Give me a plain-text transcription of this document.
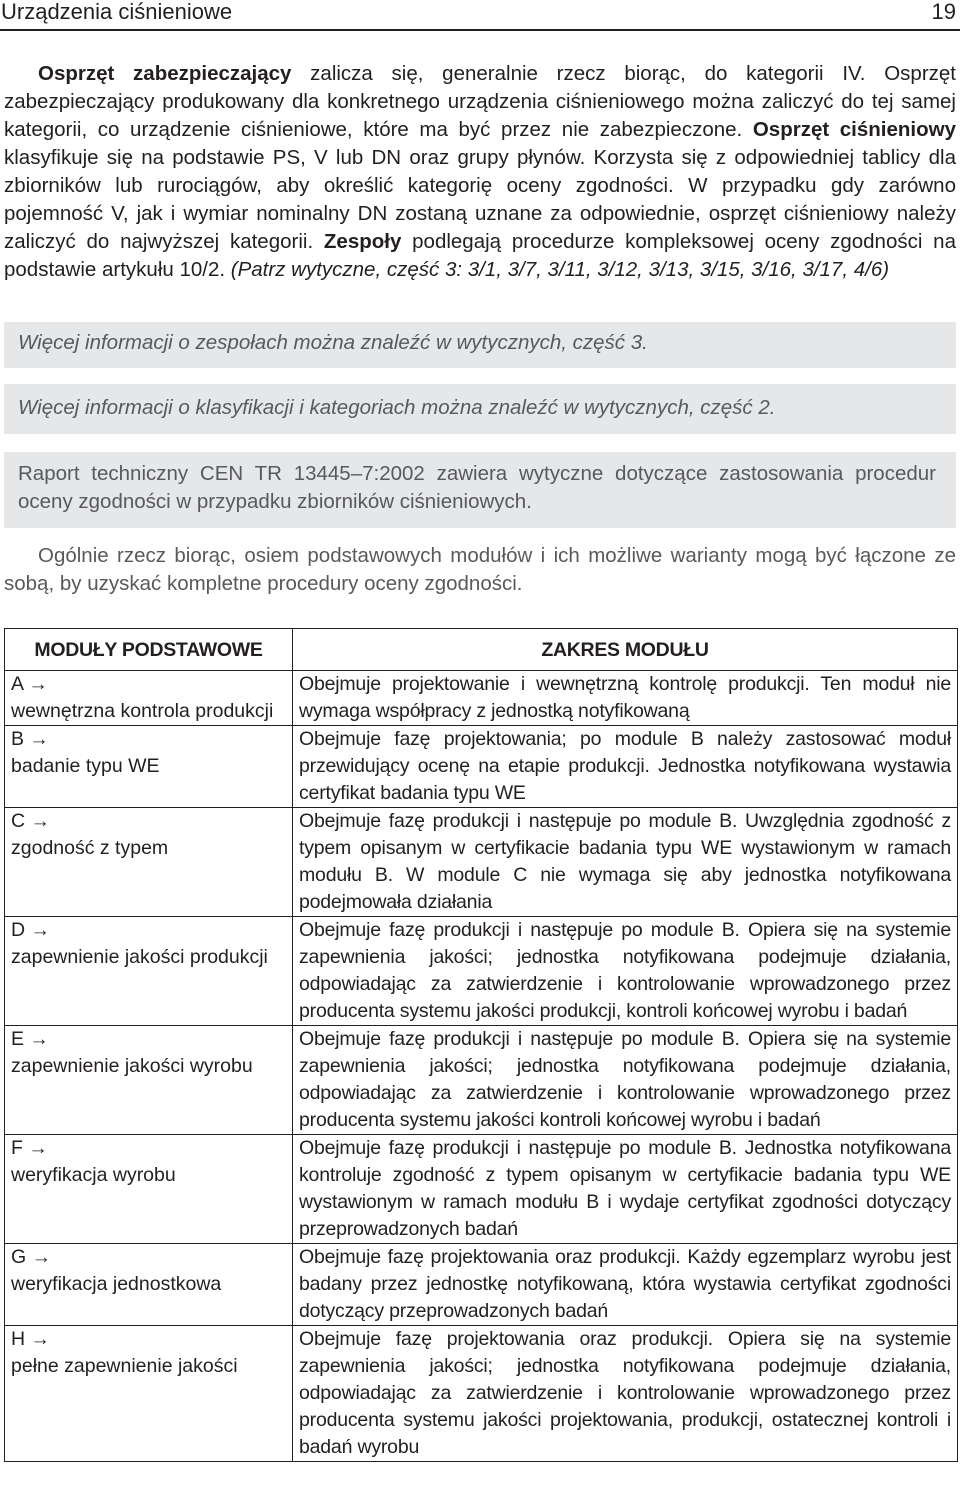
Urządzenia ciśnieniowe	19
Osprzęt zabezpieczający zalicza się, generalnie rzecz biorąc, do kategorii IV. Osprzęt zabezpieczający produkowany dla konkretnego urządzenia ciśnieniowego można zaliczyć do tej samej kategorii, co urządzenie ciśnieniowe, które ma być przez nie zabezpieczone. Osprzęt ciśnieniowy klasyfikuje się na podstawie PS, V lub DN oraz grupy płynów. Korzysta się z odpowiedniej tablicy dla zbiorników lub rurociągów, aby określić kategorię oceny zgodności. W przypadku gdy zarówno pojemność V, jak i wymiar nominalny DN zostaną uznane za odpowiednie, osprzęt ciśnieniowy należy zaliczyć do najwyższej kategorii. Zespoły podlegają procedurze kompleksowej oceny zgodności na podstawie artykułu 10/2. (Patrz wytyczne, część 3: 3/1, 3/7, 3/11, 3/12, 3/13, 3/15, 3/16, 3/17, 4/6)
Więcej informacji o zespołach można znaleźć w wytycznych, część 3.
Więcej informacji o klasyfikacji i kategoriach można znaleźć w wytycznych, część 2.
Raport techniczny CEN TR 13445–7:2002 zawiera wytyczne dotyczące zastosowania procedur oceny zgodności w przypadku zbiorników ciśnieniowych.
Ogólnie rzecz biorąc, osiem podstawowych modułów i ich możliwe warianty mogą być łączone ze sobą, by uzyskać kompletne procedury oceny zgodności.
MODUŁY PODSTAWOWE	ZAKRES MODUŁU

A →
wewnętrzna kontrola produkcji	Obejmuje projektowanie i wewnętrzną kontrolę produkcji. Ten moduł nie wymaga współpracy z jednostką notyfikowaną

B →
badanie typu WE	Obejmuje fazę projektowania; po module B należy zastosować moduł przewidujący ocenę na etapie produkcji. Jednostka notyfikowana wystawia certyfikat badania typu WE

C →
zgodność z typem	Obejmuje fazę produkcji i następuje po module B. Uwzględnia zgodność z typem opisanym w certyfikacie badania typu WE wystawionym w ramach modułu B. W module C nie wymaga się aby jednostka notyfikowana podejmowała działania

D →
zapewnienie jakości produkcji	Obejmuje fazę produkcji i następuje po module B. Opiera się na systemie zapewnienia jakości; jednostka notyfikowana podejmuje działania, odpowiadając za zatwierdzenie i kontrolowanie wprowadzonego przez producenta systemu jakości produkcji, kontroli końcowej wyrobu i badań

E →
zapewnienie jakości wyrobu	Obejmuje fazę produkcji i następuje po module B. Opiera się na systemie zapewnienia jakości; jednostka notyfikowana podejmuje działania, odpowiadając za zatwierdzenie i kontrolowanie wprowadzonego przez producenta systemu jakości kontroli końcowej wyrobu i badań

F →
weryfikacja wyrobu	Obejmuje fazę produkcji i następuje po module B. Jednostka notyfikowana kontroluje zgodność z typem opisanym w certyfikacie badania typu WE wystawionym w ramach modułu B i wydaje certyfikat zgodności dotyczący przeprowadzonych badań

G →
weryfikacja jednostkowa	Obejmuje fazę projektowania oraz produkcji. Każdy egzemplarz wyrobu jest badany przez jednostkę notyfikowaną, która wystawia certyfikat zgodności dotyczący przeprowadzonych badań

H →
pełne zapewnienie jakości	Obejmuje fazę projektowania oraz produkcji. Opiera się na systemie zapewnienia jakości; jednostka notyfikowana podejmuje działania, odpowiadając za zatwierdzenie i kontrolowanie wprowadzonego przez producenta systemu jakości projektowania, produkcji, ostatecznej kontroli i badań wyrobu
